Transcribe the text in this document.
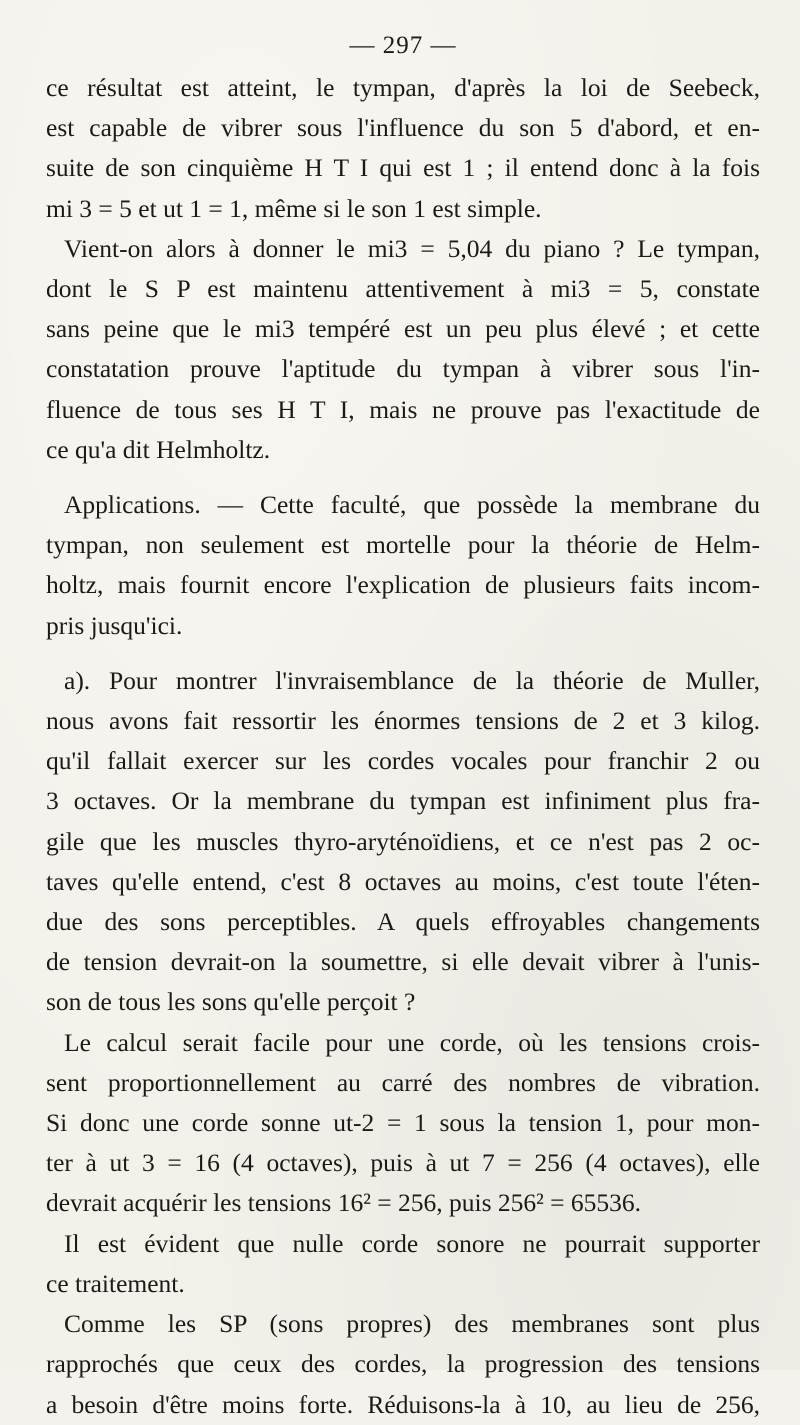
— 297 —

ce résultat est atteint, le tympan, d'après la loi de Seebeck,
est capable de vibrer sous l'influence du son 5 d'abord, et en-
suite de son cinquième H T I qui est 1 ; il entend donc à la fois
mi 3 = 5 et ut 1 = 1, même si le son 1 est simple.

Vient-on alors à donner le mi3 = 5,04 du piano ? Le tympan,
dont le S P est maintenu attentivement à mi3 = 5, constate
sans peine que le mi3 tempéré est un peu plus élevé ; et cette
constatation prouve l'aptitude du tympan à vibrer sous l'in-
fluence de tous ses H T I, mais ne prouve pas l'exactitude de
ce qu'a dit Helmholtz.

Applications. — Cette faculté, que possède la membrane du
tympan, non seulement est mortelle pour la théorie de Helm-
holtz, mais fournit encore l'explication de plusieurs faits incom-
pris jusqu'ici.

a). Pour montrer l'invraisemblance de la théorie de Muller,
nous avons fait ressortir les énormes tensions de 2 et 3 kilog.
qu'il fallait exercer sur les cordes vocales pour franchir 2 ou
3 octaves. Or la membrane du tympan est infiniment plus fra-
gile que les muscles thyro-aryténoïdiens, et ce n'est pas 2 oc-
taves qu'elle entend, c'est 8 octaves au moins, c'est toute l'éten-
due des sons perceptibles. A quels effroyables changements
de tension devrait-on la soumettre, si elle devait vibrer à l'unis-
son de tous les sons qu'elle perçoit ?

Le calcul serait facile pour une corde, où les tensions crois-
sent proportionnellement au carré des nombres de vibration.
Si donc une corde sonne ut-2 = 1 sous la tension 1, pour mon-
ter à ut 3 = 16 (4 octaves), puis à ut 7 = 256 (4 octaves), elle
devrait acquérir les tensions 16² = 256, puis 256² = 65536.

Il est évident que nulle corde sonore ne pourrait supporter
ce traitement.

Comme les SP (sons propres) des membranes sont plus
rapprochés que ceux des cordes, la progression des tensions
a besoin d'être moins forte. Réduisons-la à 10, au lieu de 256,
